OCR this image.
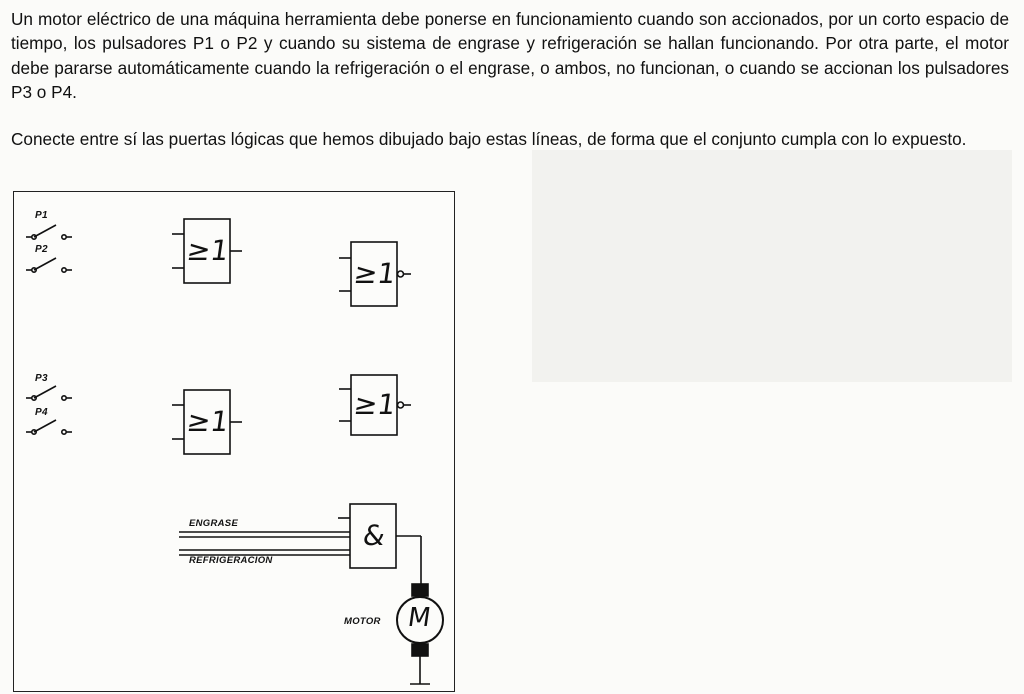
Un motor eléctrico de una máquina herramienta debe ponerse en funcionamiento cuando son accionados, por un corto espacio de tiempo, los pulsadores P1 o P2 y cuando su sistema de engrase y refrigeración se hallan funcionando. Por otra parte, el motor debe pararse automáticamente cuando la refrigeración o el engrase, o ambos, no funcionan, o cuando se accionan los pulsadores P3 o P4.

Conecte entre sí las puertas lógicas que hemos dibujado bajo estas líneas, de forma que el conjunto cumpla con lo expuesto.

P1
P2
P3
P4
≥1
≥1
≥1
≥1
&
ENGRASE
REFRIGERACION
MOTOR M
